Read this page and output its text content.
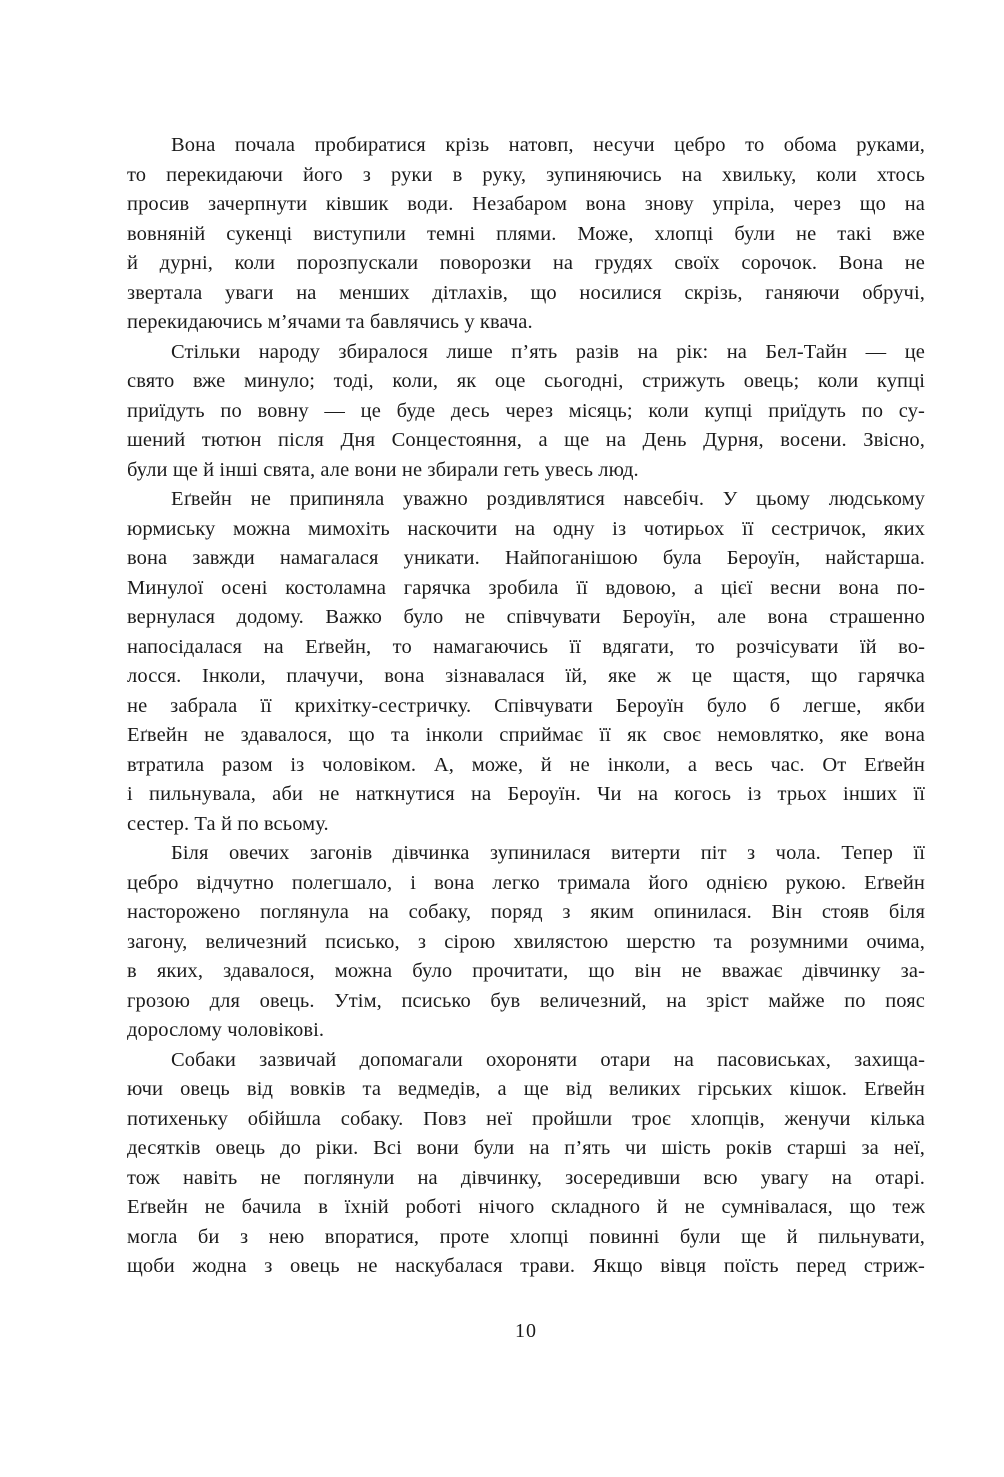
Вона почала пробиратися крізь натовп, несучи цебро то обома руками,
то перекидаючи його з руки в руку, зупиняючись на хвильку, коли хтось
просив зачерпнути ківшик води. Незабаром вона знову упріла, через що на
вовняній сукенці виступили темні плями. Може, хлопці були не такі вже
й дурні, коли порозпускали поворозки на грудях своїх сорочок. Вона не
звертала уваги на менших дітлахів, що носилися скрізь, ганяючи обручі,
перекидаючись м’ячами та бавлячись у квача.
Стільки народу збиралося лише п’ять разів на рік: на Бел-Тайн — це
свято вже минуло; тоді, коли, як оце сьогодні, стрижуть овець; коли купці
приїдуть по вовну — це буде десь через місяць; коли купці приїдуть по су-
шений тютюн після Дня Сонцестояння, а ще на День Дурня, восени. Звісно,
були ще й інші свята, але вони не збирали геть увесь люд.
Еґвейн не припиняла уважно роздивлятися навсебіч. У цьому людському
юрмиську можна мимохіть наскочити на одну із чотирьох її сестричок, яких
вона завжди намагалася уникати. Найпоганішою була Бероуїн, найстарша.
Минулої осені костоламна гарячка зробила її вдовою, а цієї весни вона по-
вернулася додому. Важко було не співчувати Бероуїн, але вона страшенно
напосідалася на Еґвейн, то намагаючись її вдягати, то розчісувати їй во-
лосся. Інколи, плачучи, вона зізнавалася їй, яке ж це щастя, що гарячка
не забрала її крихітку-сестричку. Співчувати Бероуїн було б легше, якби
Еґвейн не здавалося, що та інколи сприймає її як своє немовлятко, яке вона
втратила разом із чоловіком. А, може, й не інколи, а весь час. От Еґвейн
і пильнувала, аби не наткнутися на Бероуїн. Чи на когось із трьох інших її
сестер. Та й по всьому.
Біля овечих загонів дівчинка зупинилася витерти піт з чола. Тепер її
цебро відчутно полегшало, і вона легко тримала його однією рукою. Еґвейн
насторожено поглянула на собаку, поряд з яким опинилася. Він стояв біля
загону, величезний псисько, з сірою хвилястою шерстю та розумними очима,
в яких, здавалося, можна було прочитати, що він не вважає дівчинку за-
грозою для овець. Утім, псисько був величезний, на зріст майже по пояс
дорослому чоловікові.
Собаки зазвичай допомагали охороняти отари на пасовиськах, захища-
ючи овець від вовків та ведмедів, а ще від великих гірських кішок. Еґвейн
потихеньку обійшла собаку. Повз неї пройшли троє хлопців, женучи кілька
десятків овець до ріки. Всі вони були на п’ять чи шість років старші за неї,
тож навіть не поглянули на дівчинку, зосередивши всю увагу на отарі.
Еґвейн не бачила в їхній роботі нічого складного й не сумнівалася, що теж
могла би з нею впоратися, проте хлопці повинні були ще й пильнувати,
щоби жодна з овець не наскубалася трави. Якщо вівця поїсть перед стриж-
10
